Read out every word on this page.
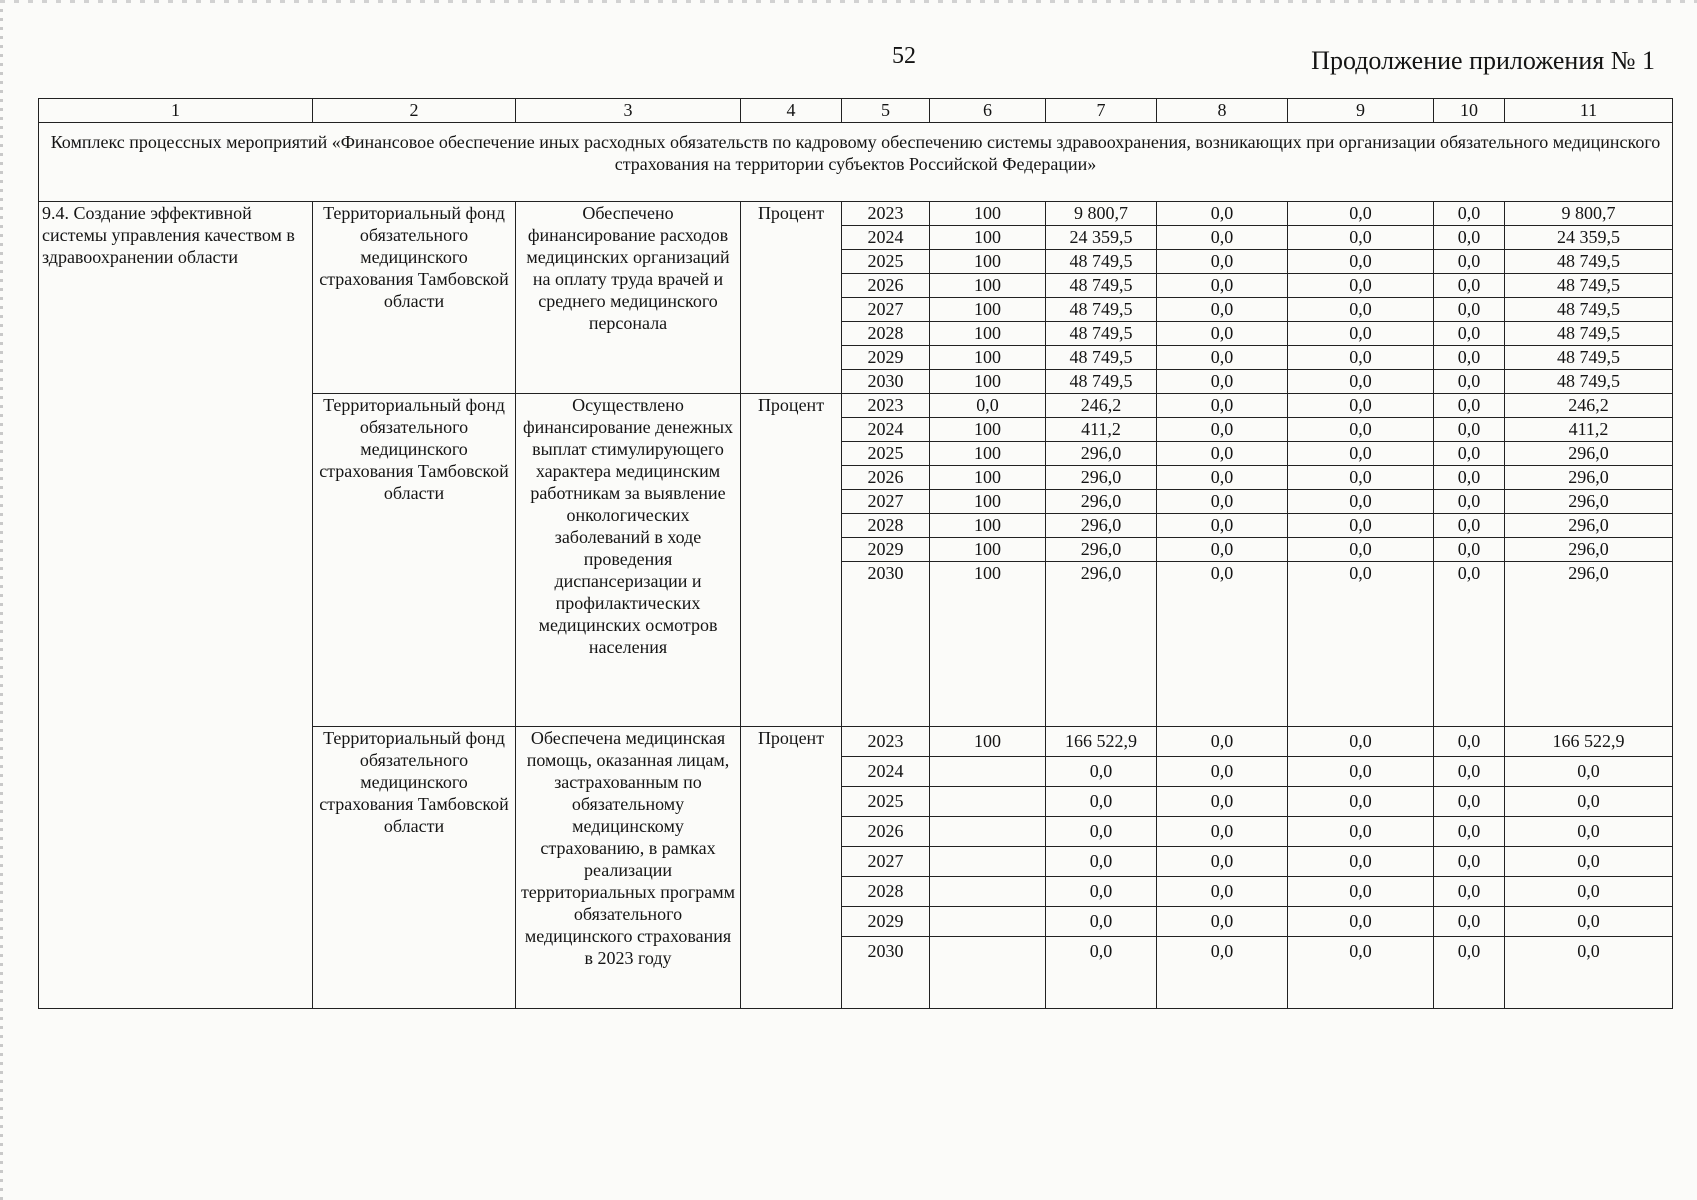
52	Продолжение приложения № 1
1	2	3	4	5	6	7	8	9	10	11
Комплекс процессных мероприятий «Финансовое обеспечение иных расходных обязательств по кадровому обеспечению системы здравоохранения, возникающих при организации обязательного медицинского страхования на территории субъектов Российской Федерации»										
9.4. Создание эффективной системы управления качеством в здравоохранении области	Территориальный фонд обязательного медицинского страхования Тамбовской области	Обеспечено финансирование расходов медицинских организаций на оплату труда врачей и среднего медицинского персонала	Процент	2023	100	9 800,7	0,0	0,0	0,0	9 800,7
				2024	100	24 359,5	0,0	0,0	0,0	24 359,5
				2025	100	48 749,5	0,0	0,0	0,0	48 749,5
				2026	100	48 749,5	0,0	0,0	0,0	48 749,5
				2027	100	48 749,5	0,0	0,0	0,0	48 749,5
				2028	100	48 749,5	0,0	0,0	0,0	48 749,5
				2029	100	48 749,5	0,0	0,0	0,0	48 749,5
				2030	100	48 749,5	0,0	0,0	0,0	48 749,5
	Территориальный фонд обязательного медицинского страхования Тамбовской области	Осуществлено финансирование денежных выплат стимулирующего характера медицинским работникам за выявление онкологических заболеваний в ходе проведения диспансеризации и профилактических медицинских осмотров населения	Процент	2023	0,0	246,2	0,0	0,0	0,0	246,2
				2024	100	411,2	0,0	0,0	0,0	411,2
				2025	100	296,0	0,0	0,0	0,0	296,0
				2026	100	296,0	0,0	0,0	0,0	296,0
				2027	100	296,0	0,0	0,0	0,0	296,0
				2028	100	296,0	0,0	0,0	0,0	296,0
				2029	100	296,0	0,0	0,0	0,0	296,0
				2030	100	296,0	0,0	0,0	0,0	296,0
	Территориальный фонд обязательного медицинского страхования Тамбовской области	Обеспечена медицинская помощь, оказанная лицам, застрахованным по обязательному медицинскому страхованию, в рамках реализации территориальных программ обязательного медицинского страхования в 2023 году	Процент	2023	100	166 522,9	0,0	0,0	0,0	166 522,9
				2024		0,0	0,0	0,0	0,0	0,0
				2025		0,0	0,0	0,0	0,0	0,0
				2026		0,0	0,0	0,0	0,0	0,0
				2027		0,0	0,0	0,0	0,0	0,0
				2028		0,0	0,0	0,0	0,0	0,0
				2029		0,0	0,0	0,0	0,0	0,0
				2030		0,0	0,0	0,0	0,0	0,0
